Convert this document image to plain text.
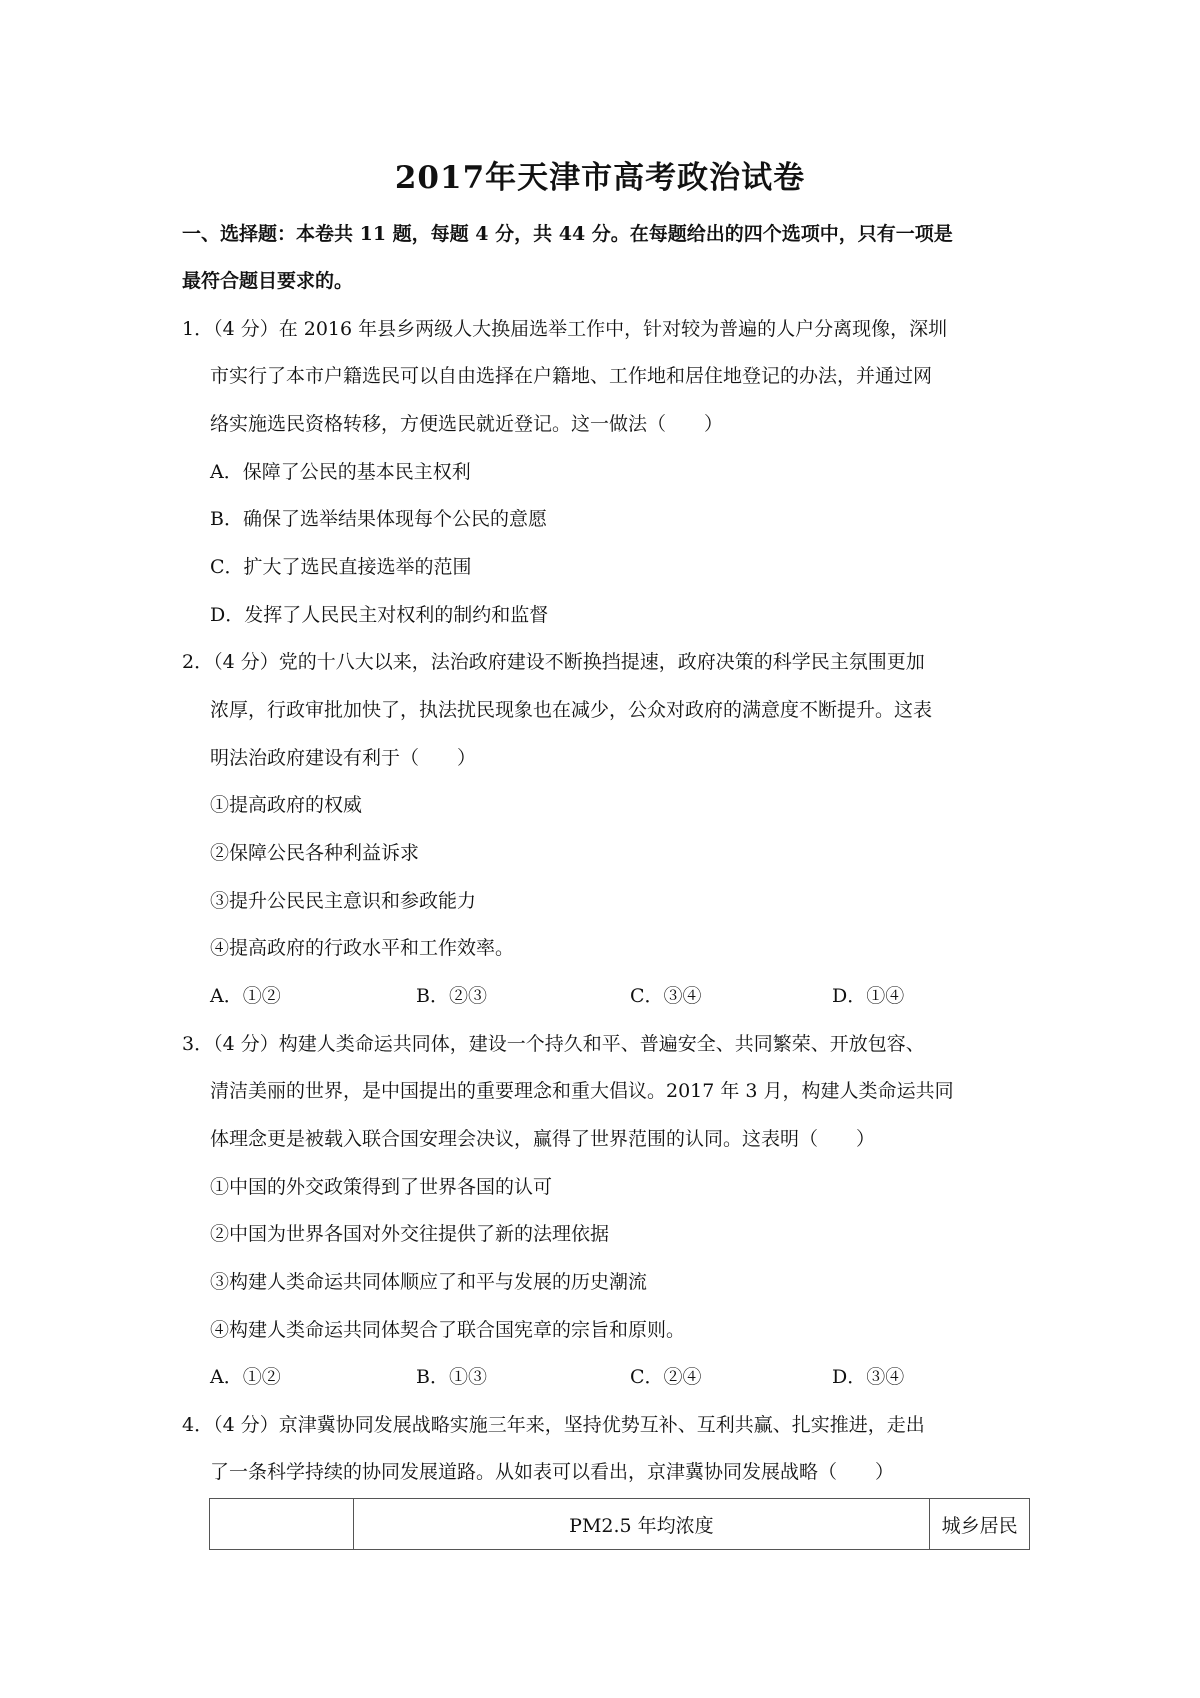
2017年天津市高考政治试卷
一、选择题：本卷共 11 题，每题 4 分，共 44 分。在每题给出的四个选项中，只有一项是
最符合题目要求的。
1．（4 分）在 2016 年县乡两级人大换届选举工作中，针对较为普遍的人户分离现像，深圳
市实行了本市户籍选民可以自由选择在户籍地、工作地和居住地登记的办法，并通过网
络实施选民资格转移，方便选民就近登记。这一做法（　　）
A．保障了公民的基本民主权利
B．确保了选举结果体现每个公民的意愿
C．扩大了选民直接选举的范围
D．发挥了人民民主对权利的制约和监督
2．（4 分）党的十八大以来，法治政府建设不断换挡提速，政府决策的科学民主氛围更加
浓厚，行政审批加快了，执法扰民现象也在减少，公众对政府的满意度不断提升。这表
明法治政府建设有利于（　　）
①提高政府的权威
②保障公民各种利益诉求
③提升公民民主意识和参政能力
④提高政府的行政水平和工作效率。
A．①②	B．②③	C．③④	D．①④
3．（4 分）构建人类命运共同体，建设一个持久和平、普遍安全、共同繁荣、开放包容、
清洁美丽的世界，是中国提出的重要理念和重大倡议。2017 年 3 月，构建人类命运共同
体理念更是被载入联合国安理会决议，赢得了世界范围的认同。这表明（　　）
①中国的外交政策得到了世界各国的认可
②中国为世界各国对外交往提供了新的法理依据
③构建人类命运共同体顺应了和平与发展的历史潮流
④构建人类命运共同体契合了联合国宪章的宗旨和原则。
A．①②	B．①③	C．②④	D．③④
4．（4 分）京津冀协同发展战略实施三年来，坚持优势互补、互利共赢、扎实推进，走出
了一条科学持续的协同发展道路。从如表可以看出，京津冀协同发展战略（　　）
	PM2.5 年均浓度	城乡居民
